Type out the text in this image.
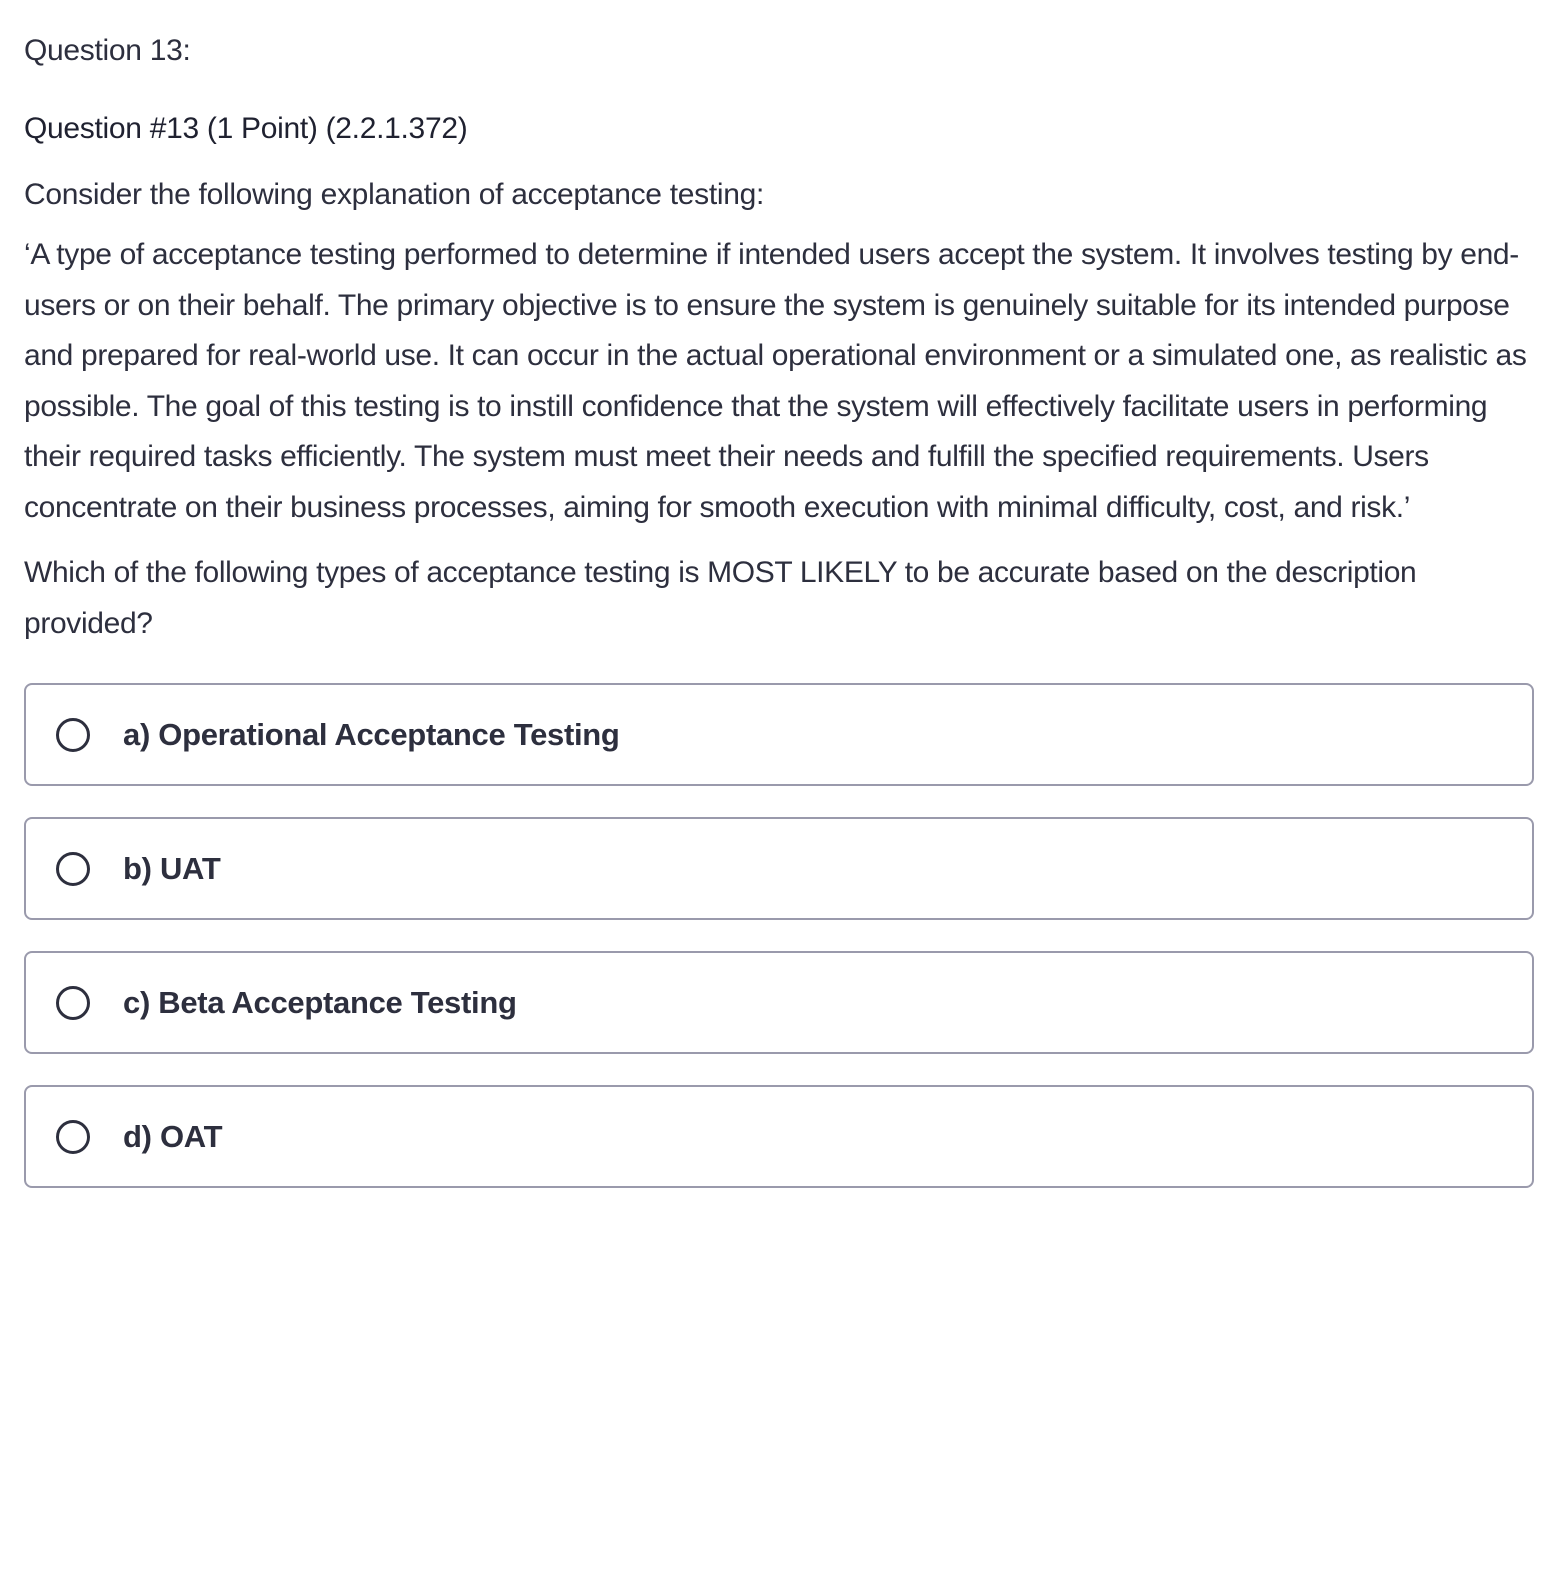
Question 13:
Question #13 (1 Point) (2.2.1.372)
Consider the following explanation of acceptance testing:
‘A type of acceptance testing performed to determine if intended users accept the system. It involves testing by end-users or on their behalf. The primary objective is to ensure the system is genuinely suitable for its intended purpose and prepared for real-world use. It can occur in the actual operational environment or a simulated one, as realistic as possible. The goal of this testing is to instill confidence that the system will effectively facilitate users in performing their required tasks efficiently. The system must meet their needs and fulfill the specified requirements. Users concentrate on their business processes, aiming for smooth execution with minimal difficulty, cost, and risk.’
Which of the following types of acceptance testing is MOST LIKELY to be accurate based on the description provided?
a) Operational Acceptance Testing
b) UAT
c) Beta Acceptance Testing
d) OAT
